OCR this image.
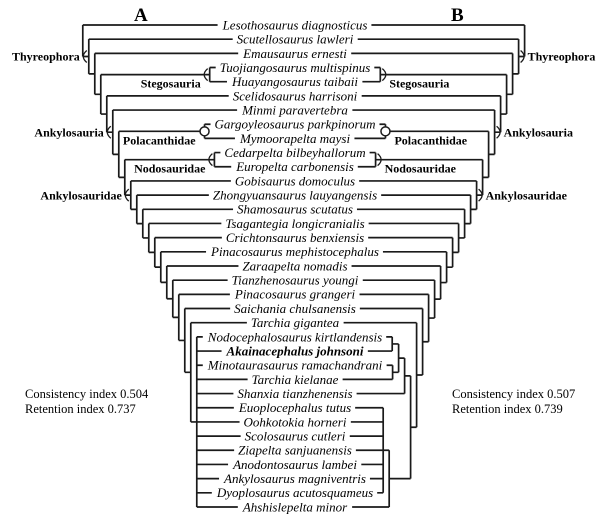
Lesothosaurus diagnosticus
Scutellosaurus lawleri
Emausaurus ernesti
Tuojiangosaurus multispinus
Huayangosaurus taibaii
Scelidosaurus harrisoni
Minmi paravertebra
Gargoyleosaurus parkpinorum
Mymoorapelta maysi
Cedarpelta bilbeyhallorum
Europelta carbonensis
Gobisaurus domoculus
Zhongyuansaurus lauyangensis
Shamosaurus scutatus
Tsagantegia longicranialis
Crichtonsaurus benxiensis
Pinacosaurus mephistocephalus
Zaraapelta nomadis
Tianzhenosaurus youngi
Pinacosaurus grangeri
Saichania chulsanensis
Tarchia gigantea
Nodocephalosaurus kirtlandensis
Akainacephalus johnsoni
Minotaurasaurus ramachandrani
Tarchia kielanae
Shanxia tianzhenensis
Euoplocephalus tutus
Oohkotokia horneri
Scolosaurus cutleri
Ziapelta sanjuanensis
Anodontosaurus lambei
Ankylosaurus magniventris
Dyoplosaurus acutosquameus
Ahshislepelta minor
Stegosauria
Polacanthidae
Nodosauridae
Ankylosauridae
Ankylosauria
Thyreophora
Stegosauria
Polacanthidae
Nodosauridae
Ankylosauridae
Ankylosauria
Thyreophora
A	B
Consistency index 0.504
Retention index 0.737
Consistency index 0.507
Retention index 0.739
